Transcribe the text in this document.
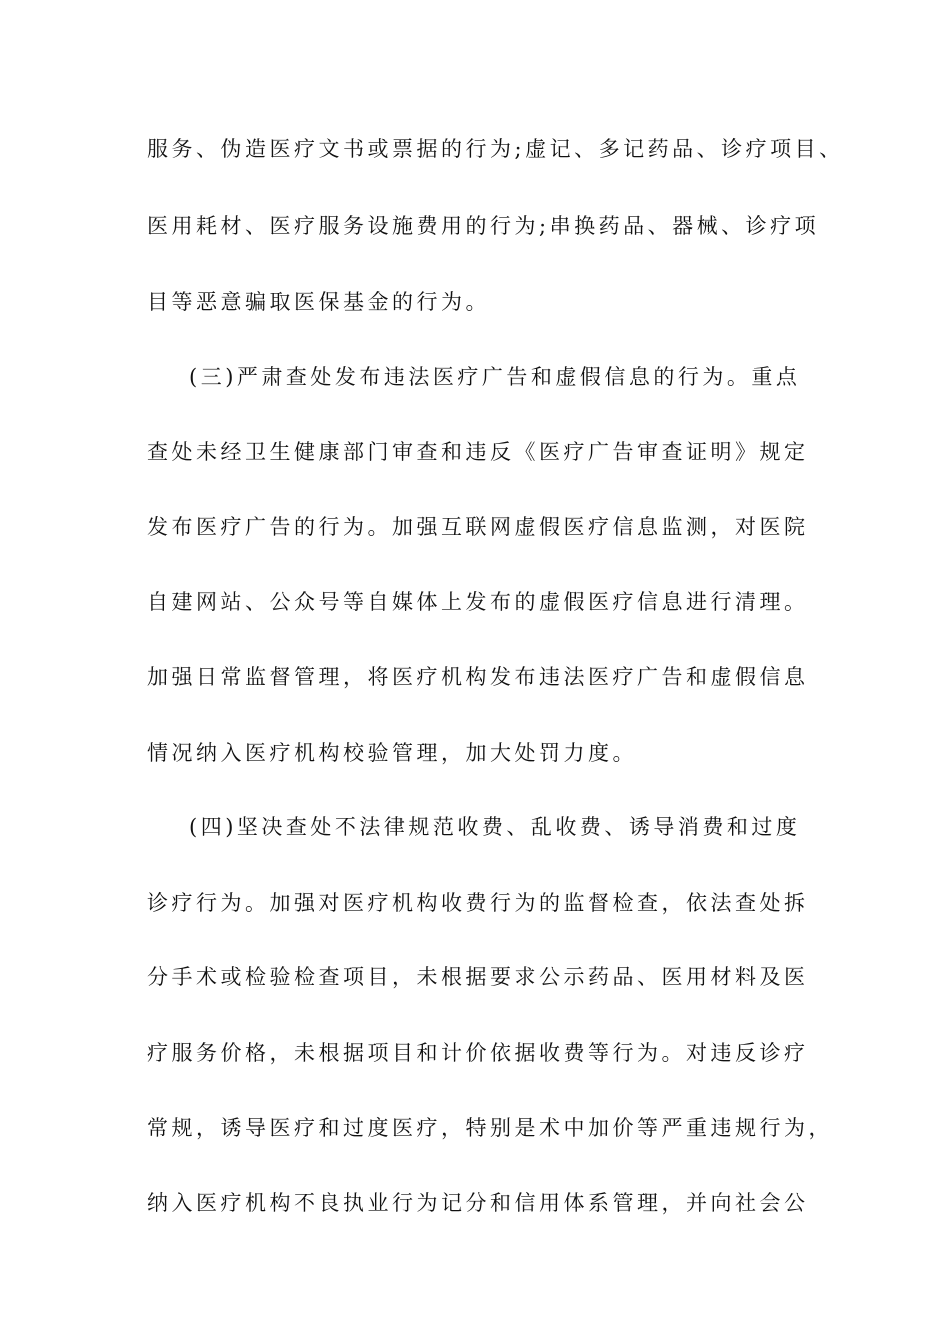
服务、伪造医疗文书或票据的行为;虚记、多记药品、诊疗项目、
医用耗材、医疗服务设施费用的行为;串换药品、器械、诊疗项
目等恶意骗取医保基金的行为。
(三)严肃查处发布违法医疗广告和虚假信息的行为。重点
查处未经卫生健康部门审查和违反《医疗广告审查证明》规定
发布医疗广告的行为。加强互联网虚假医疗信息监测，对医院
自建网站、公众号等自媒体上发布的虚假医疗信息进行清理。
加强日常监督管理，将医疗机构发布违法医疗广告和虚假信息
情况纳入医疗机构校验管理，加大处罚力度。
(四)坚决查处不法律规范收费、乱收费、诱导消费和过度
诊疗行为。加强对医疗机构收费行为的监督检查，依法查处拆
分手术或检验检查项目，未根据要求公示药品、医用材料及医
疗服务价格，未根据项目和计价依据收费等行为。对违反诊疗
常规，诱导医疗和过度医疗，特别是术中加价等严重违规行为，
纳入医疗机构不良执业行为记分和信用体系管理，并向社会公
